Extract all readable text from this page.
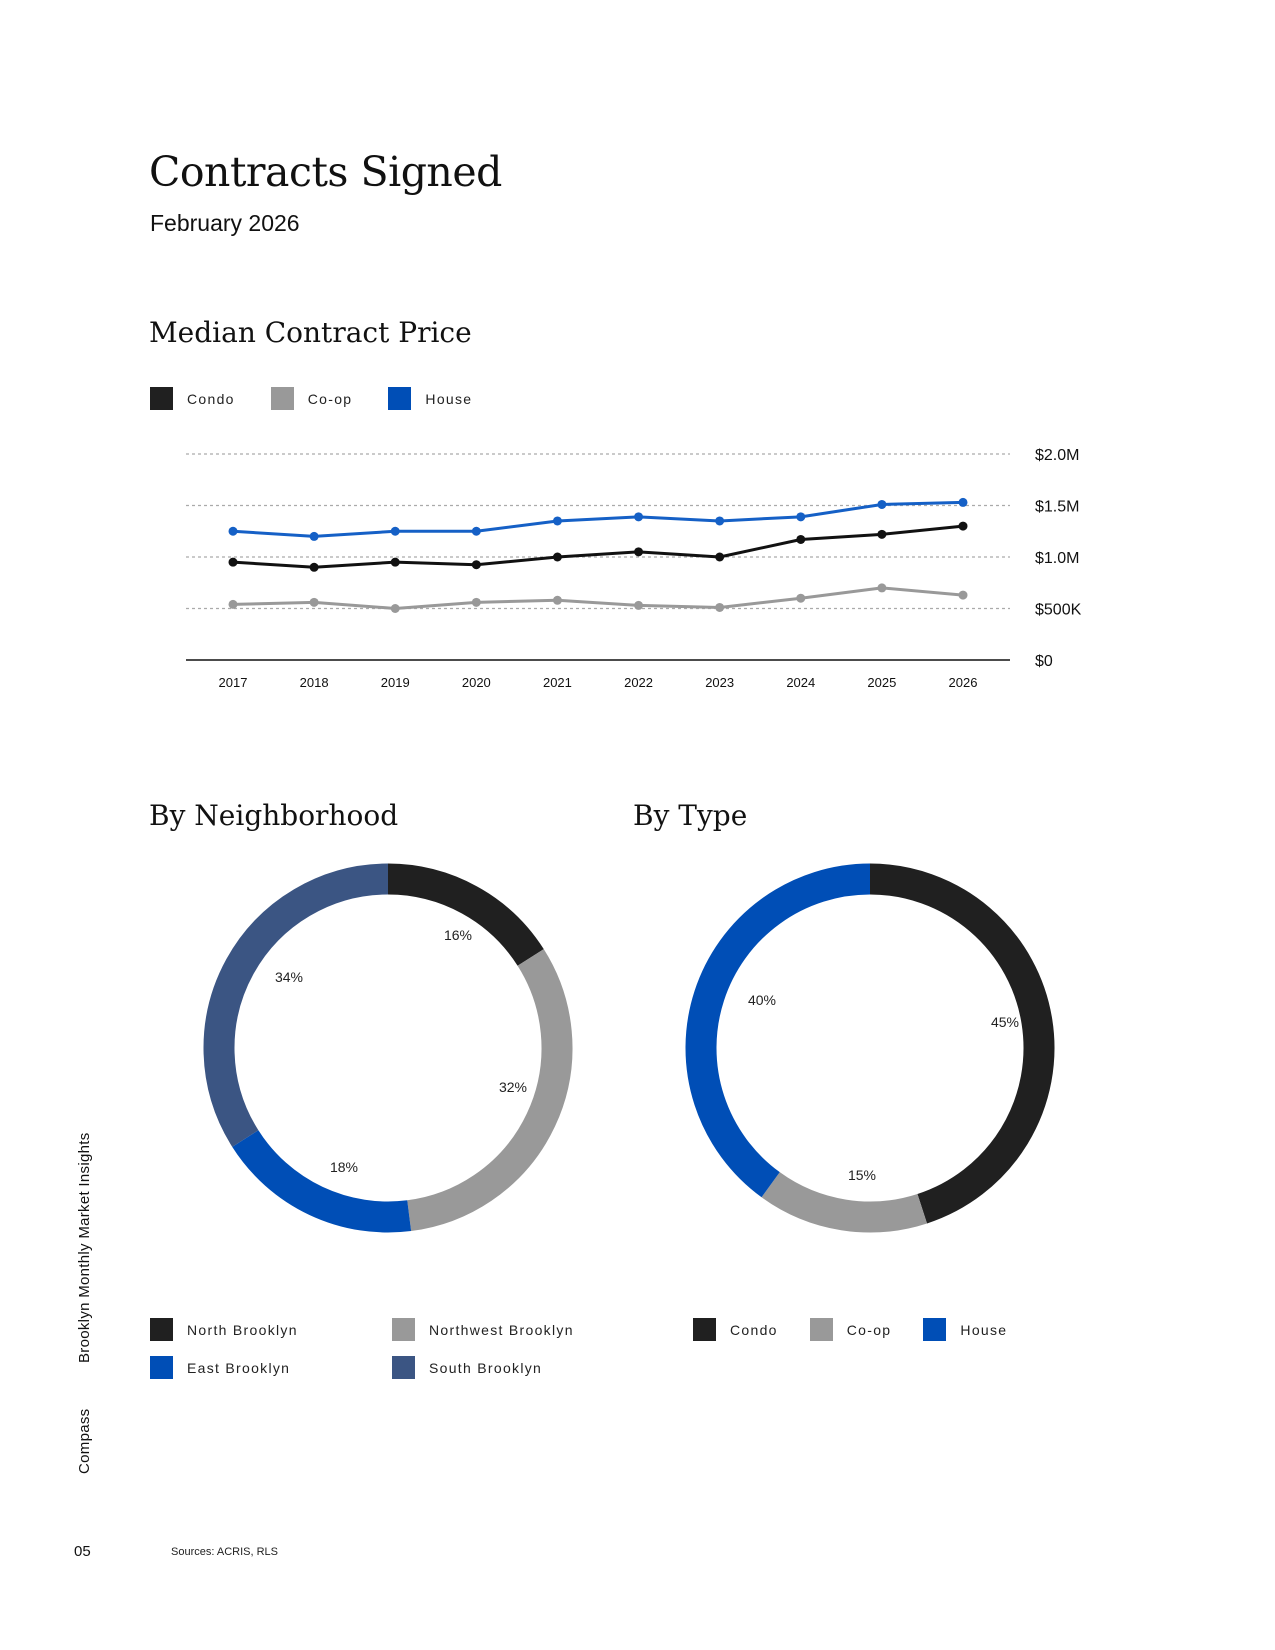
Contracts Signed
February 2026
Median Contract Price
Condo	Co-op	House
$0
$500K
$1.0M
$1.5M
$2.0M
2017	2018	2019	2020	2021	2022	2023	2024	2025	2026
By Neighborhood	By Type
16%
32%
18%
34%
45%
15%
40%
North Brooklyn	Northwest Brooklyn
East Brooklyn	South Brooklyn
Condo	Co-op	House
Compass
Brooklyn Monthly Market Insights
05	Sources: ACRIS, RLS
